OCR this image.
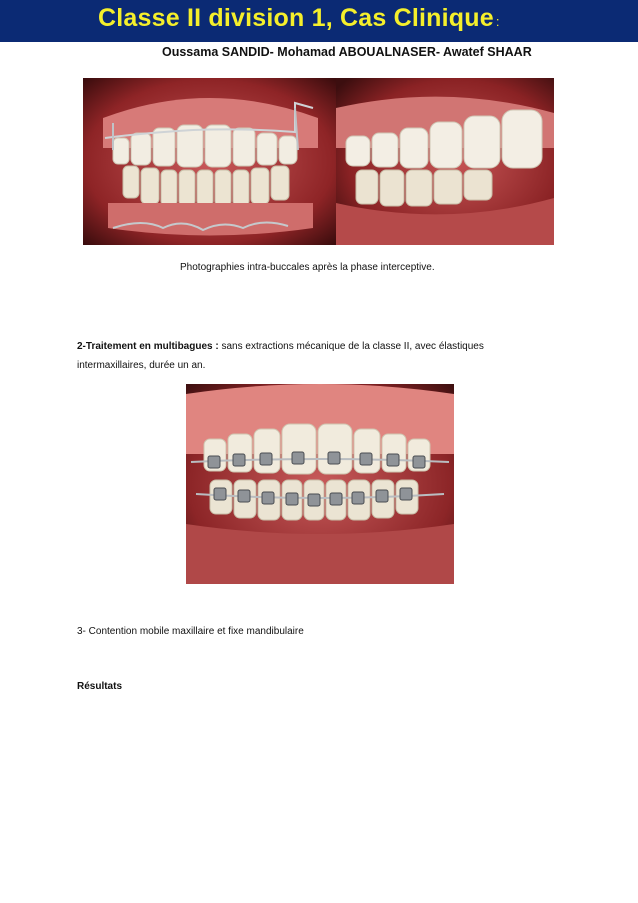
Classe II division 1, Cas Clinique :
Oussama SANDID- Mohamad ABOUALNASER- Awatef SHAAR
Photographies intra-buccales après la phase interceptive.
2-Traitement en multibagues : sans extractions mécanique de la classe II, avec élastiques
intermaxillaires, durée un an.
3- Contention mobile maxillaire et fixe mandibulaire
Résultats
